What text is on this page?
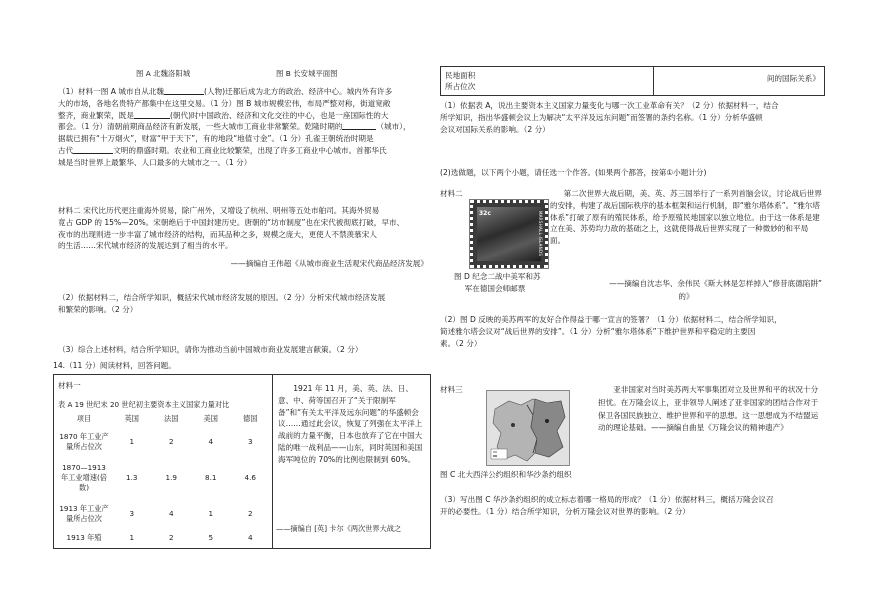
图 A 北魏洛阳城	图 B 长安城平面图

（1）材料一图 A 城市自从北魏	(人物)迁都后成为北方的政治、经济中心。城内外有许多

大的市场，各地名贵特产都集中在这里交易。（1 分）图 B 城市规模宏伟，布局严整对称，街道宽敞

整齐，商业繁荣，既是	(朝代)时中国政治、经济和文化交往的中心，也是一座国际性的大

都会。（1 分）清朝前期商品经济有新发展，一些大城市工商业非常繁荣。乾隆时期的	（城市），

据载已拥有“十万烟火”，财富“甲于天下”，有的地段“地值寸金”。（1 分）孔雀王朝统治时期是

古代	文明的鼎盛时期。农业和工商业比较繁荣，出现了许多工商业中心城市。首都华氏

城是当时世界上最繁华、人口最多的大城市之一。（1 分）

材料二 宋代比历代更注重海外贸易，除广州外，又增设了杭州、明州等五处市舶司。其海外贸易

竟占 GDP 的 15%—20%。宋朝绝后于中国封建历史。唐朝的“坊市制度”也在宋代被彻底打破，早市、

夜市的出现则进一步丰富了城市经济的结构，而其品种之多，规模之庞大，更使人不禁羡慕宋人

的生活……宋代城市经济的发展达到了相当的水平。

——摘编自王伟超《从城市商业生活观宋代商品经济发展》

（2）依据材料二，结合所学知识，概括宋代城市经济发展的原因。（2 分）分析宋代城市经济发展

和繁荣的影响。（2 分）

（3）综合上述材料，结合所学知识，请你为推动当前中国城市商业发展建言献策。（2 分）

14.（11 分）阅读材料，回答问题。
材料一
表 A 19 世纪末 20 世纪初主要资本主义国家力量对比
项目	英国	法国	美国	德国
1870 年工业产量所占位次	1	2	4	3
1870—1913 年工业增速(倍数)	1.3	1.9	8.1	4.6
1913 年工业产量所占位次	3	4	1	2
1913 年殖	1	2	5	4
1921 年 11 月，美、英、法、日、意、中、荷等国召开了“关于限制军备”和“有关太平洋及远东问题”的华盛顿会议……通过此会议，恢复了列强在太平洋上战前的力量平衡，日本也放弃了它在中国大陆的唯一战利品——山东，同时英国和美国海军吨位的 70%的比例也限制到 60%。
——摘编自 [英] 卡尔《两次世界大战之
民地面积
所占位次
间的国际关系》

（1）依据表 A，说出主要资本主义国家力量变化与哪一次工业革命有关？（2 分）依据材料一，结合

所学知识，指出华盛顿会议上为解决“太平洋及远东问题”而签署的条约名称。（1 分）分析华盛顿

会议对国际关系的影响。（2 分）

(2)选做题，以下两个小题，请任选一个作答。(如果两个都答，按第①小题计分)
材料二
32c	MARSHALL ISLANDS

图 D 纪念二战中美军和苏

军在德国会师邮票

第二次世界大战后期，美、英、苏三国举行了一系列首脑会议，讨论战后世界的安排，构建了战后国际秩序的基本框架和运行机制，即“雅尔塔体系”。“雅尔塔体系”打破了原有的殖民体系，给予原殖民地国家以独立地位。由于这一体系是建立在美、苏势均力敌的基础之上，这就使得战后世界实现了一种微妙的和平局面。
——摘编自沈志华、余伟民《斯大林是怎样掉入“修昔底德陷阱”
的》

（2）图 D 反映的美苏两军的友好合作得益于哪一宣言的签署？（1 分）依据材料二，结合所学知识，

简述雅尔塔会议对“战后世界的安排”。（1 分）分析“雅尔塔体系”下维护世界和平稳定的主要因

素。（2 分）

材料三
图 C 北大西洋公约组织和华沙条约组织
亚非国家对当时美苏两大军事集团对立及世界和平的状况十分担忧。在万隆会议上，亚非领导人阐述了亚非国家的团结合作对于保卫各国民族独立、维护世界和平的思想。这一思想成为不结盟运动的理论基础。——摘编自曲星《万隆会议的精神遗产》

（3）写出图 C 华沙条约组织的成立标志着哪一格局的形成？（1 分）依据材料三，概括万隆会议召

开的必要性。（1 分）结合所学知识，分析万隆会议对世界的影响。（2 分）
